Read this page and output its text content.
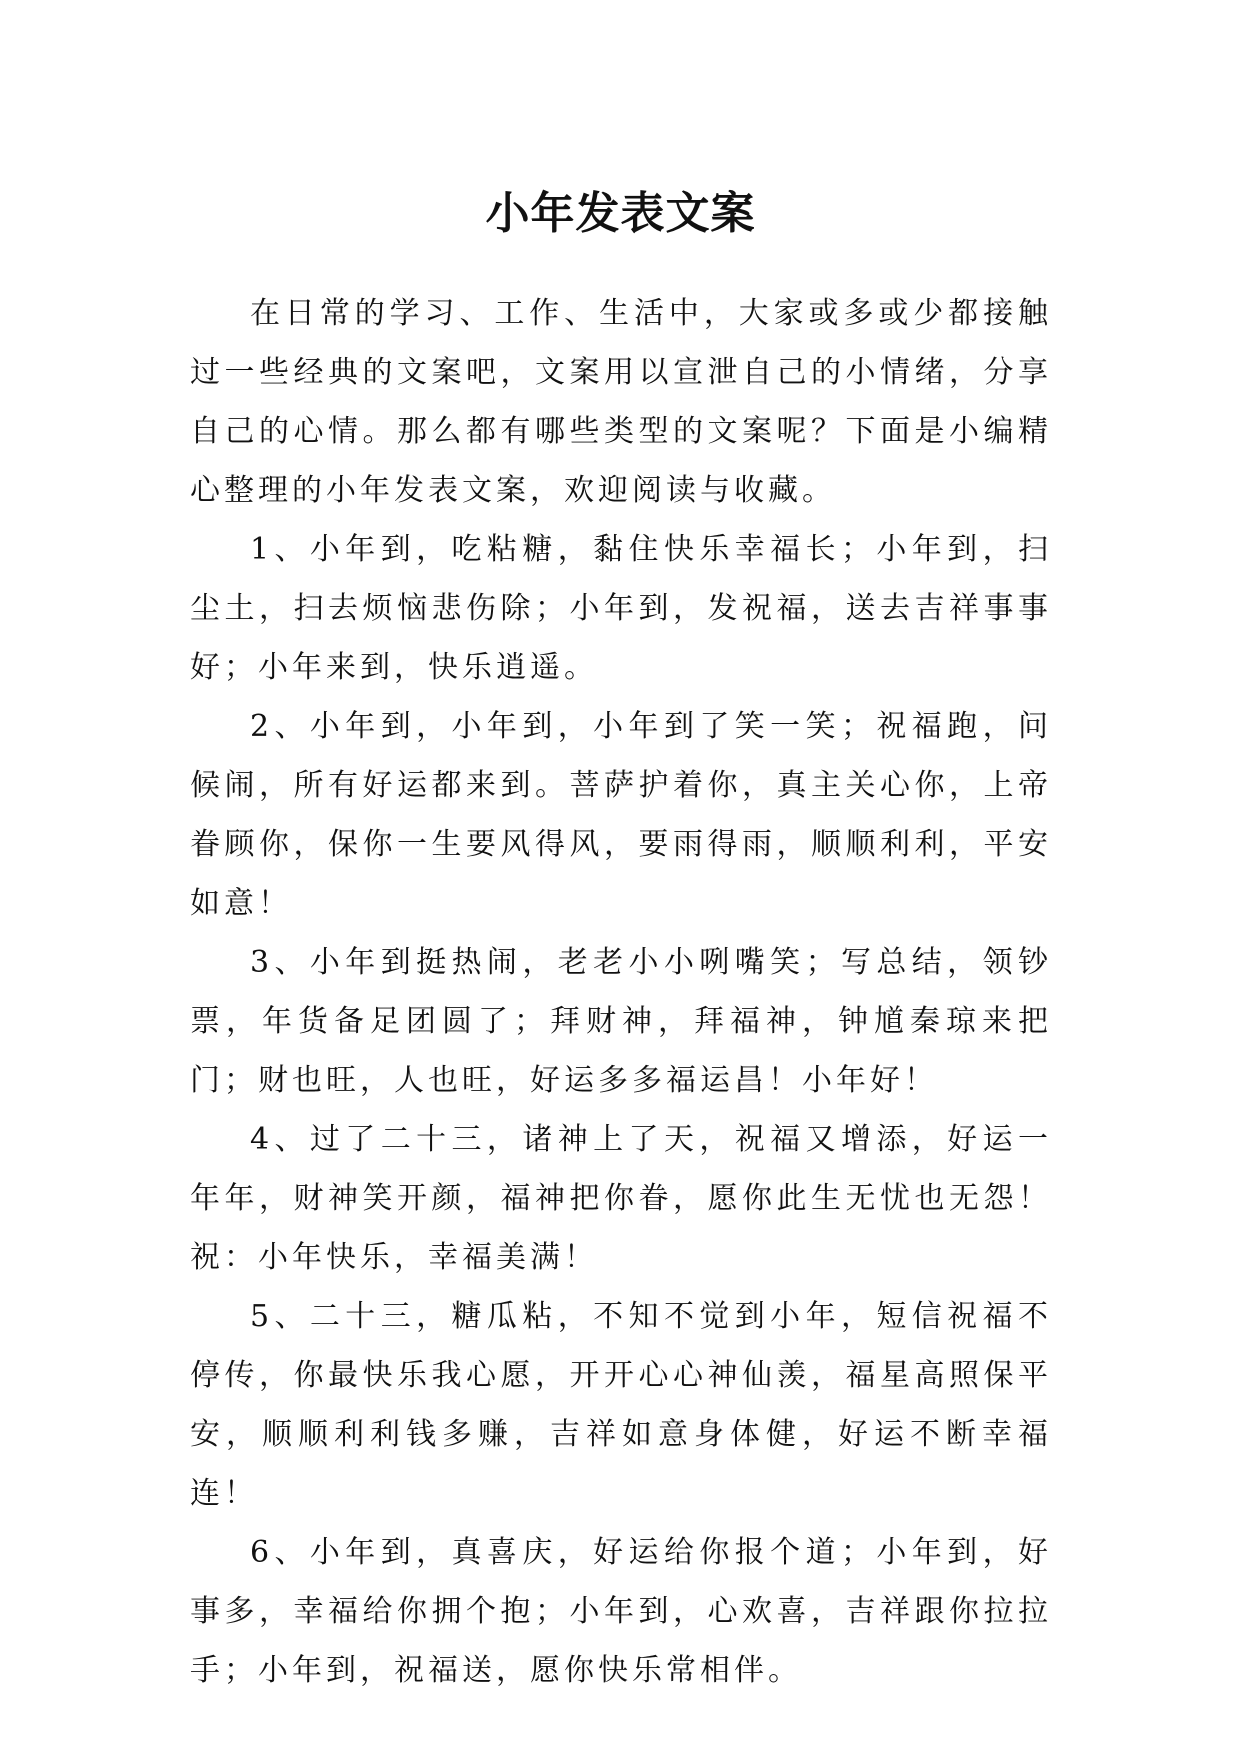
小年发表文案

在日常的学习、工作、生活中，大家或多或少都接触过一些经典的文案吧，文案用以宣泄自己的小情绪，分享自己的心情。那么都有哪些类型的文案呢？下面是小编精心整理的小年发表文案，欢迎阅读与收藏。

1、小年到，吃粘糖，黏住快乐幸福长；小年到，扫尘土，扫去烦恼悲伤除；小年到，发祝福，送去吉祥事事好；小年来到，快乐逍遥。

2、小年到，小年到，小年到了笑一笑；祝福跑，问候闹，所有好运都来到。菩萨护着你，真主关心你，上帝眷顾你，保你一生要风得风，要雨得雨，顺顺利利，平安如意！

3、小年到挺热闹，老老小小咧嘴笑；写总结，领钞票，年货备足团圆了；拜财神，拜福神，钟馗秦琼来把门；财也旺，人也旺，好运多多福运昌！小年好！

4、过了二十三，诸神上了天，祝福又增添，好运一年年，财神笑开颜，福神把你眷，愿你此生无忧也无怨！祝：小年快乐，幸福美满！

5、二十三，糖瓜粘，不知不觉到小年，短信祝福不停传，你最快乐我心愿，开开心心神仙羡，福星高照保平安，顺顺利利钱多赚，吉祥如意身体健，好运不断幸福连！

6、小年到，真喜庆，好运给你报个道；小年到，好事多，幸福给你拥个抱；小年到，心欢喜，吉祥跟你拉拉手；小年到，祝福送，愿你快乐常相伴。
